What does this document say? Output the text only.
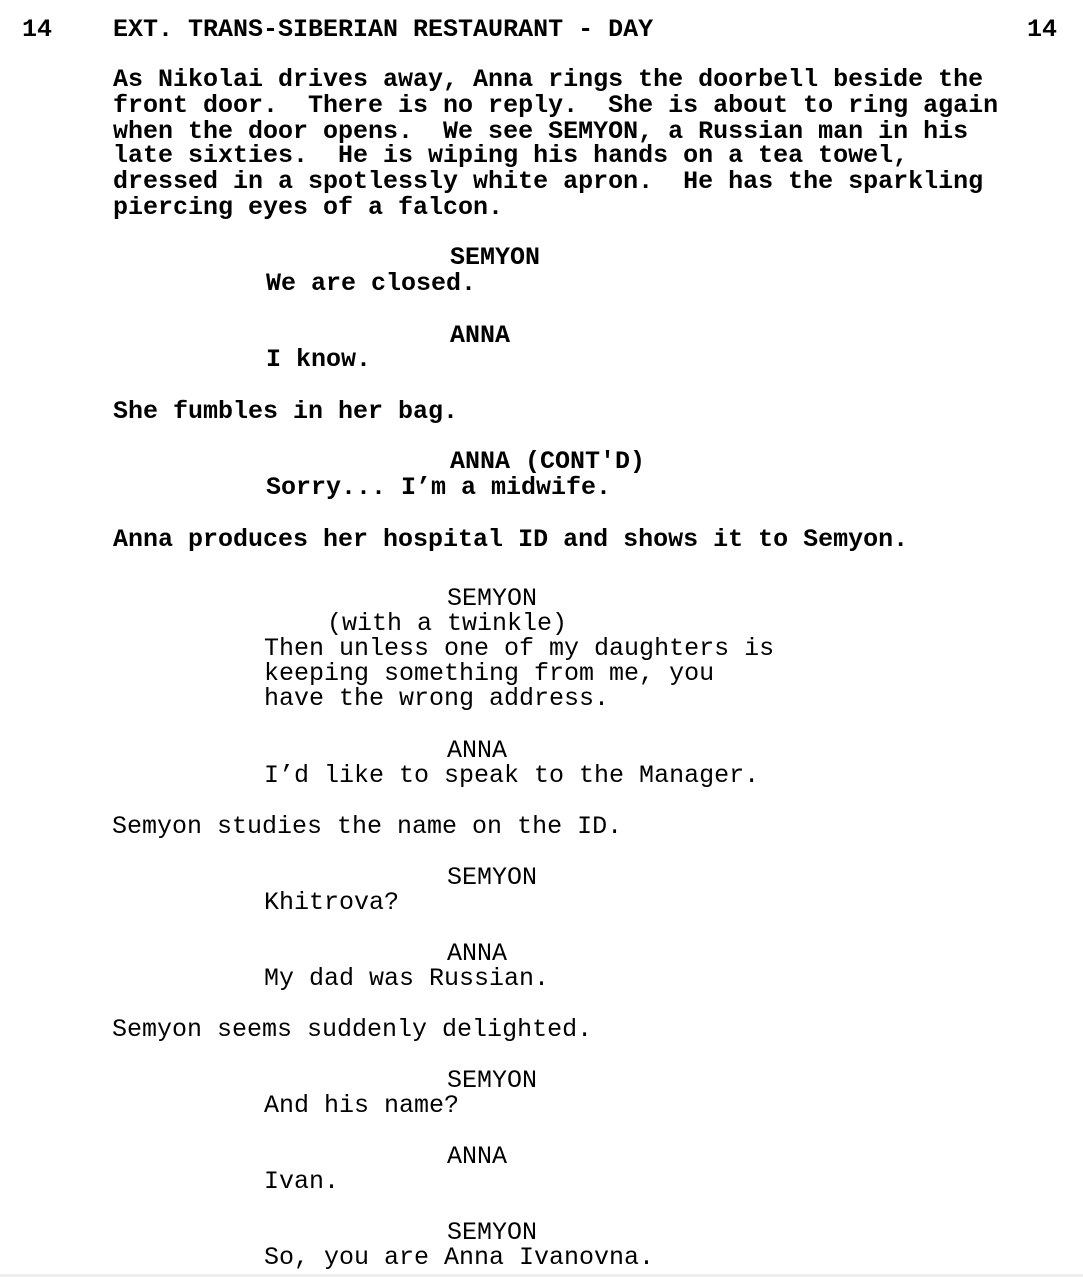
14 EXT. TRANS-SIBERIAN RESTAURANT - DAY	14
As Nikolai drives away, Anna rings the doorbell beside the
front door.  There is no reply.  She is about to ring again
when the door opens.  We see SEMYON, a Russian man in his
late sixties.  He is wiping his hands on a tea towel,
dressed in a spotlessly white apron.  He has the sparkling
piercing eyes of a falcon.
SEMYON
We are closed.
ANNA
I know.
She fumbles in her bag.
ANNA (CONT'D)
Sorry... I’m a midwife.
Anna produces her hospital ID and shows it to Semyon.
SEMYON
(with a twinkle)
Then unless one of my daughters is
keeping something from me, you
have the wrong address.
ANNA
I’d like to speak to the Manager.
Semyon studies the name on the ID.
SEMYON
Khitrova?
ANNA
My dad was Russian.
Semyon seems suddenly delighted.
SEMYON
And his name?
ANNA
Ivan.
SEMYON
So, you are Anna Ivanovna.
